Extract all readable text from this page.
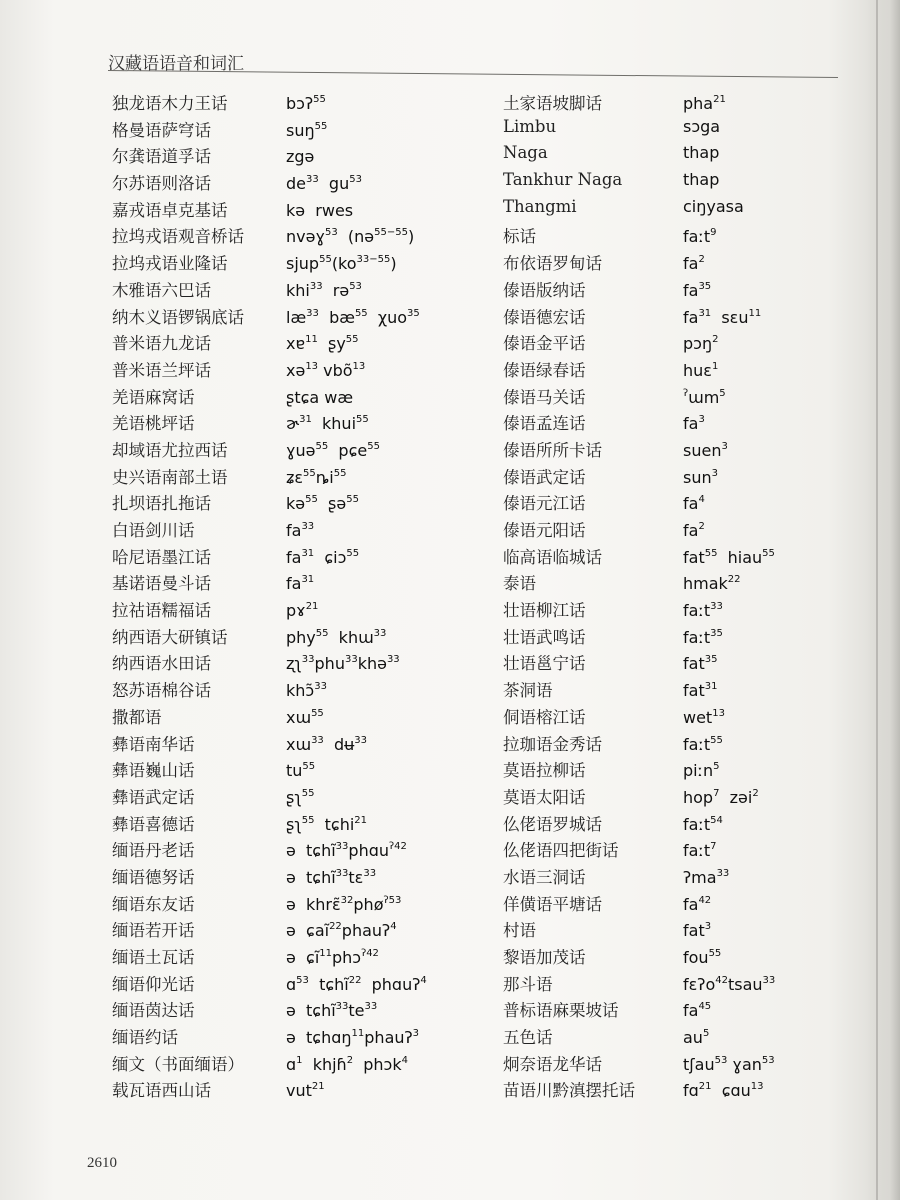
汉藏语语音和词汇
独龙语木力王话	bɔʔ$^{55}$
格曼语萨穹话	suŋ$^{55}$
尔龚语道孚话	zgə
尔苏语则洛话	$de^{33}$  $gu^{53}$
嘉戎语卓克基话	kə  rwes
拉坞戎语观音桥话	nvəɣ$^{53}$  (nə$^{55-55}$)
拉坞戎语业隆话	$sjup^{55}(ko^{33-55})$
木雅语六巴话	khi$^{33}$  rə$^{53}$
纳木义语锣锅底话	$læ^{33}$  $bæ^{55}$  χuo$^{35}$
普米语九龙话	xɐ$^{11}$  ʂy$^{55}$
普米语兰坪话	xə$^{13}$ vbõ$^{13}$
羌语麻窝话	ʂtɕa wæ
羌语桃坪话	ɚ$^{31}$  khui$^{55}$
却域语尤拉西话	ɣuə$^{55}$  pɕe$^{55}$
史兴语南部土语	$ʑɛ^{55}ȵi^{55}$
扎坝语扎拖话	kə$^{55}$  ʂə$^{55}$
白语剑川话	$fa^{33}$
哈尼语墨江话	$fa^{31}$  ɕiɔ$^{55}$
基诺语曼斗话	$fa^{31}$
拉祜语糯福话	pɤ$^{21}$
纳西语大研镇话	phy$^{55}$  khɯ$^{33}$
纳西语水田话	ʐʅ$^{33}$phu$^{33}$khə$^{33}$
怒苏语棉谷话	khɔ̃$^{33}$
撒都语	xɯ$^{55}$
彝语南华话	xɯ$^{33}$  dʉ$^{33}$
彝语巍山话	$tu^{55}$
彝语武定话	ʂʅ$^{55}$
彝语喜德话	ʂʅ$^{55}$  tɕhi$^{21}$
缅语丹老话	ə  tɕhĩ$^{33}$phɑu$^{ʔ42}$
缅语德努话	ə  tɕhĩ$^{33}$tɛ$^{33}$
缅语东友话	ə  khrɛ̃$^{32}$phø$^{ʔ53}$
缅语若开话	ə  ɕaĩ$^{22}$phauʔ$^4$
缅语土瓦话	ə  ɕĩ$^{11}$phɔ$^{ʔ42}$
缅语仰光话	ɑ$^{53}$  tɕhĩ$^{22}$  phɑuʔ$^4$
缅语茵达话	ə  $tɕhĩ^{33}te^{33}$
缅语约话	ə  tɕhɑŋ$^{11}$phauʔ$^3$
缅文（书面缅语）	ɑ$^1$  khjɦ$^2$  phɔk$^4$
载瓦语西山话	vut$^{21}$
土家语坡脚话	pha$^{21}$
Limbu	sɔga
Naga	thap
Tankhur Naga	thap
Thangmi	ciŋyasa
标话	faːt$^9$
布依语罗甸话	$fa^2$
傣语版纳话	$fa^{35}$
傣语德宏话	$fa^{31}$  sɛu$^{11}$
傣语金平话	pɔŋ$^2$
傣语绿春话	huɛ$^1$
傣语马关话	$^ʔ$ɯm$^5$
傣语孟连话	$fa^3$
傣语所所卡话	suen$^3$
傣语武定话	sun$^3$
傣语元江话	$fa^4$
傣语元阳话	$fa^2$
临高语临城话	fat$^{55}$  hiau$^{55}$
泰语	hmak$^{22}$
壮语柳江话	faːt$^{33}$
壮语武鸣话	faːt$^{35}$
壮语邕宁话	fat$^{35}$
茶洞语	fat$^{31}$
侗语榕江话	wet$^{13}$
拉珈语金秀话	faːt$^{55}$
莫语拉柳话	piːn$^5$
莫语太阳话	hop$^7$  zəi$^2$
仫佬语罗城话	faːt$^{54}$
仫佬语四把街话	faːt$^7$
水语三洞话	ʔma$^{33}$
佯僙语平塘话	$fa^{42}$
村语	fat$^3$
黎语加茂话	fou$^{55}$
那斗语	fɛʔo$^{42}$tsau$^{33}$
普标语麻栗坡话	$fa^{45}$
五色话	$au^5$
炯奈语龙华话	tʃau$^{53}$ ɣan$^{53}$
苗语川黔滇摆托话	fɑ$^{21}$  ɕɑu$^{13}$
2610
